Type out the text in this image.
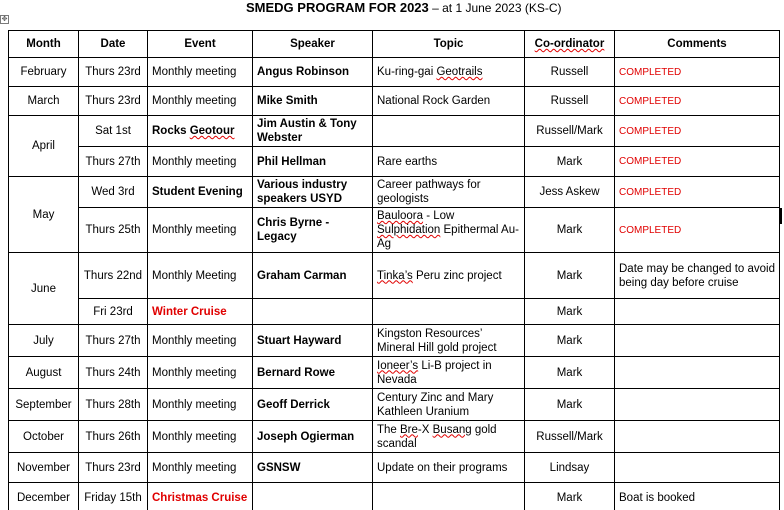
✥
SMEDG PROGRAM FOR 2023 – at 1 June 2023 (KS-C)
Month	Date	Event	Speaker	Topic	Co-ordinator	Comments
February	Thurs 23rd	Monthly meeting	Angus Robinson	Ku-ring-gai Geotrails	Russell	COMPLETED
March	Thurs 23rd	Monthly meeting	Mike Smith	National Rock Garden	Russell	COMPLETED
April	Sat 1st	Rocks Geotour	Jim Austin & Tony Webster		Russell/Mark	COMPLETED
	Thurs 27th	Monthly meeting	Phil Hellman	Rare earths	Mark	COMPLETED
May	Wed 3rd	Student Evening	Various industry speakers USYD	Career pathways for geologists	Jess Askew	COMPLETED
	Thurs 25th	Monthly meeting	Chris Byrne - Legacy	Bauloora - Low Sulphidation Epithermal Au-Ag	Mark	COMPLETED
June	Thurs 22nd	Monthly Meeting	Graham Carman	Tinka’s Peru zinc project	Mark	Date may be changed to avoid being day before cruise
	Fri 23rd	Winter Cruise			Mark	
July	Thurs 27th	Monthly meeting	Stuart Hayward	Kingston Resources’ Mineral Hill gold project	Mark	
August	Thurs 24th	Monthly meeting	Bernard Rowe	Ioneer’s Li-B project in Nevada	Mark	
September	Thurs 28th	Monthly meeting	Geoff Derrick	Century Zinc and Mary Kathleen Uranium	Mark	
October	Thurs 26th	Monthly meeting	Joseph Ogierman	The Bre-X Busang gold scandal	Russell/Mark	
November	Thurs 23rd	Monthly meeting	GSNSW	Update on their programs	Lindsay	
December	Friday 15th	Christmas Cruise			Mark	Boat is booked
